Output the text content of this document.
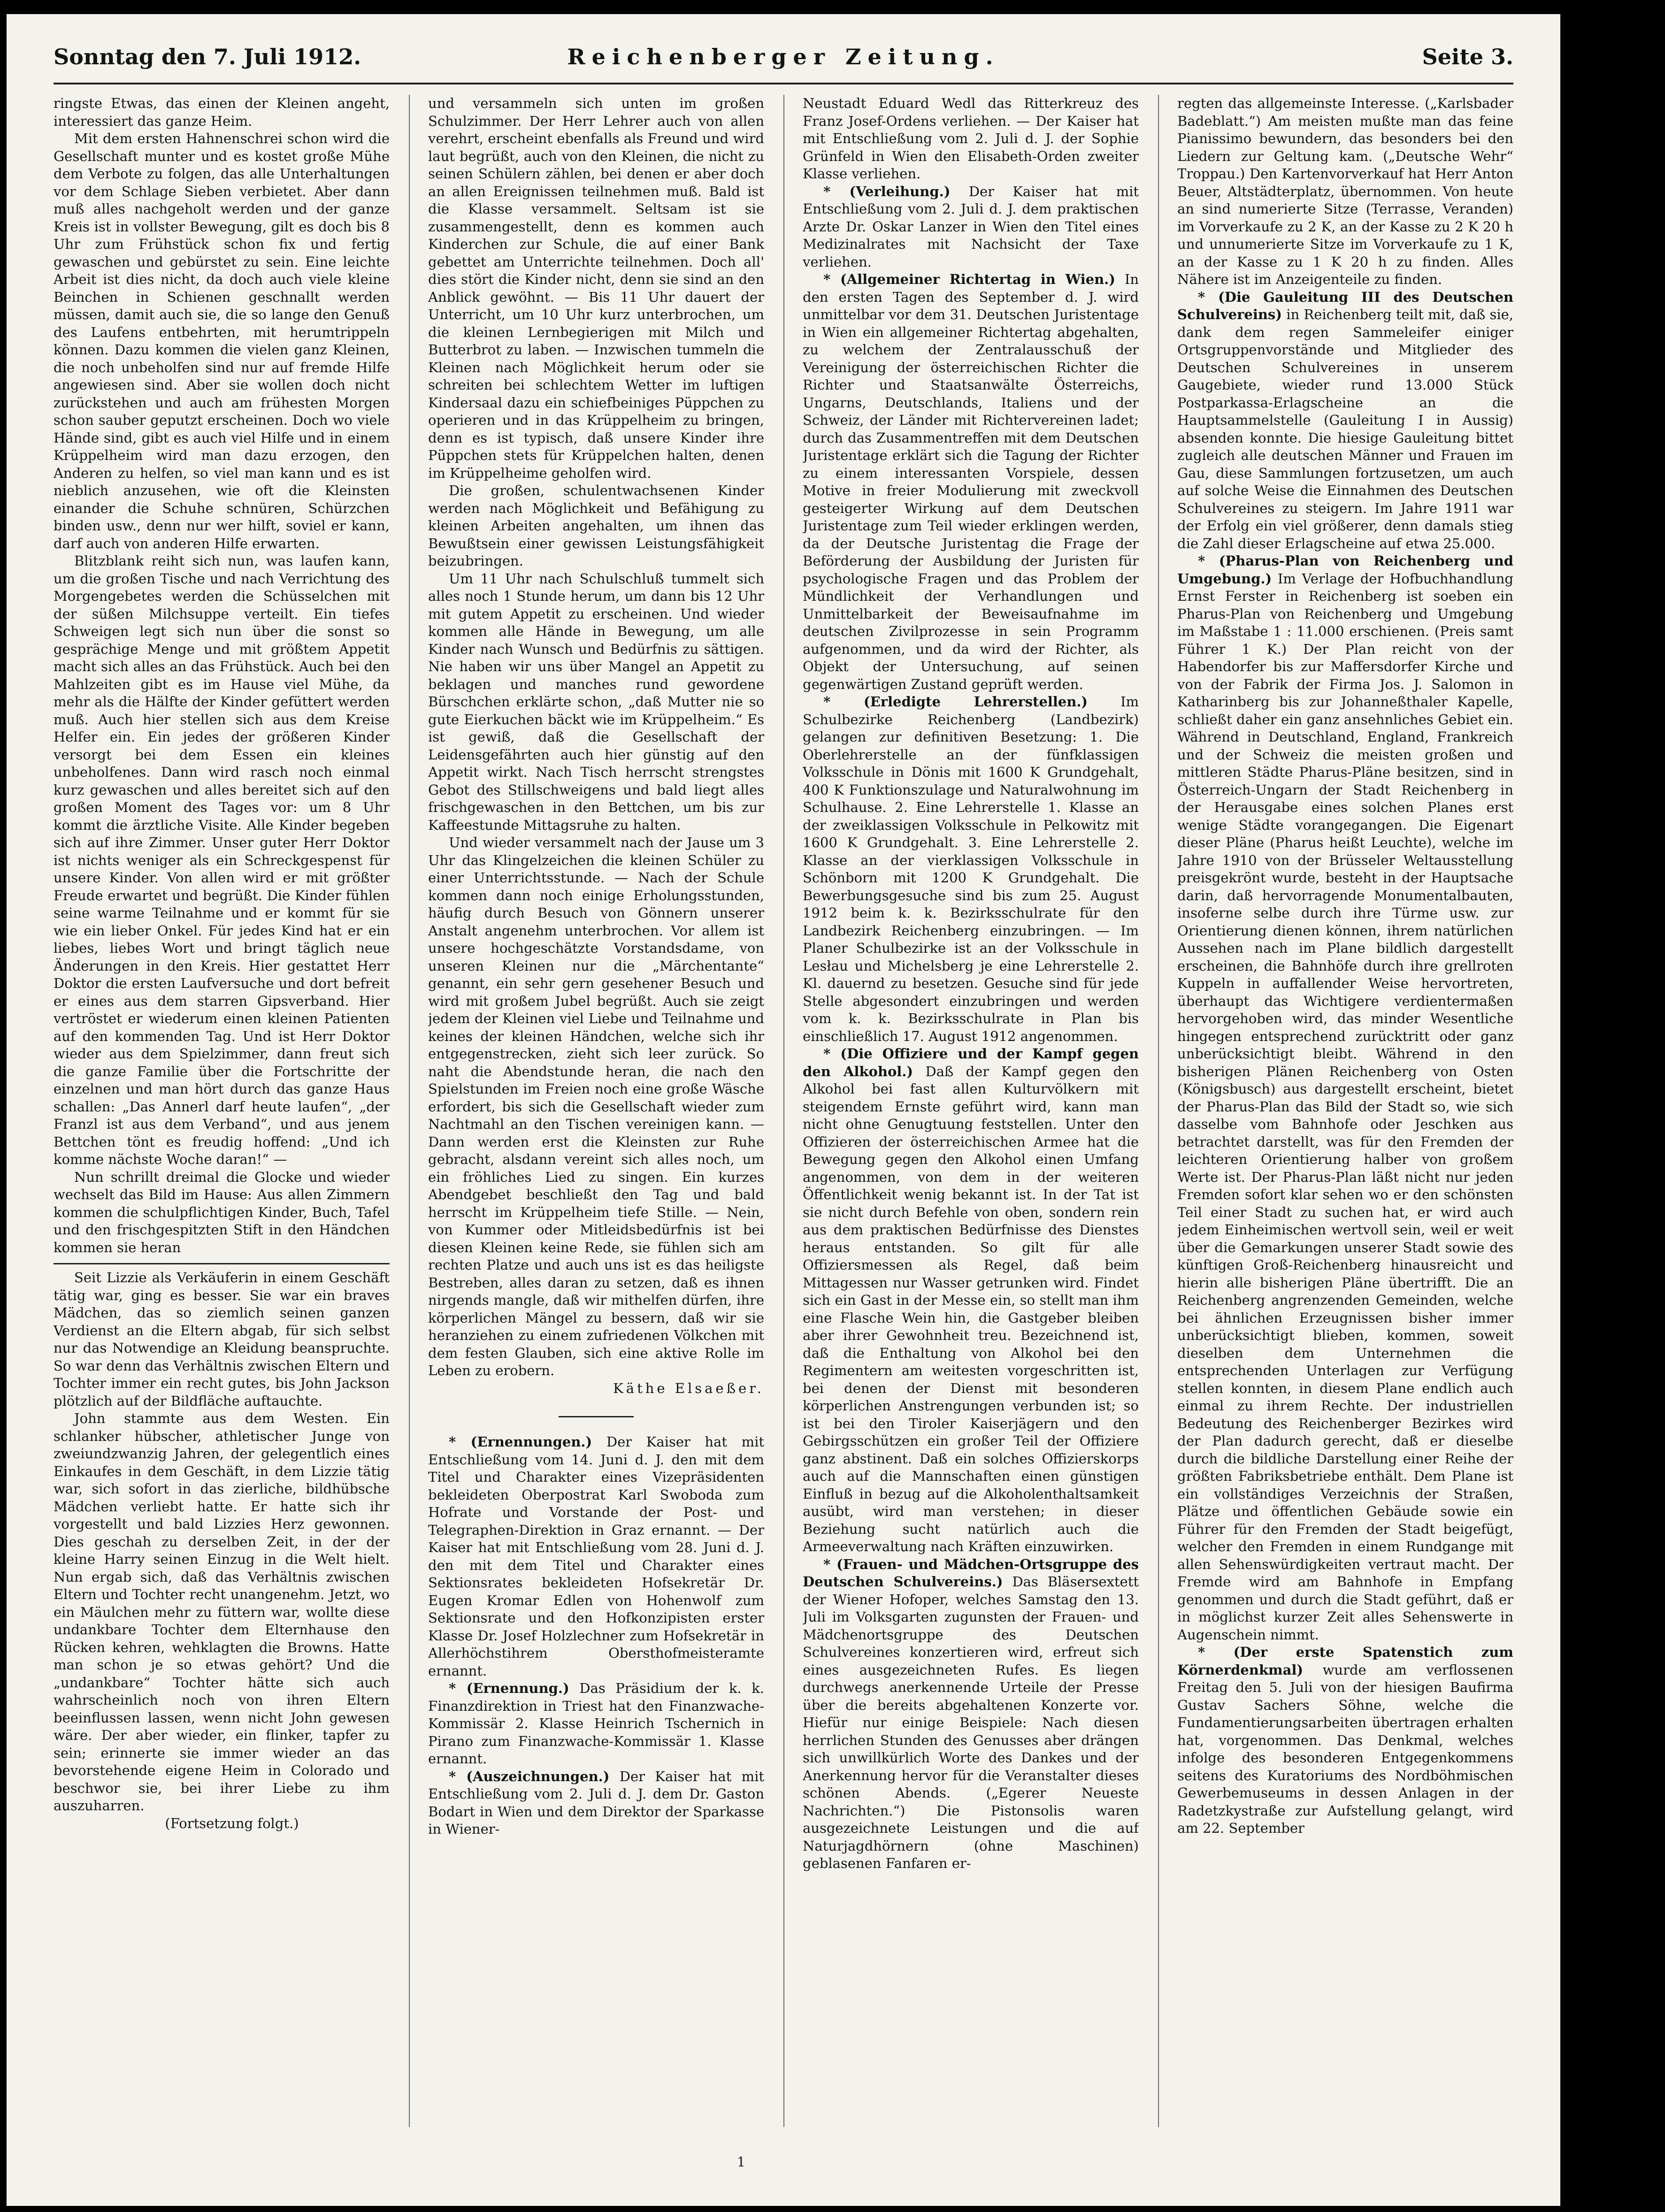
Sonntag den 7. Juli 1912.	Reichenberger Zeitung.	Seite 3.

ringste Etwas, das einen der Kleinen angeht, interessiert das ganze Heim.

Mit dem ersten Hahnenschrei schon wird die Gesellschaft munter und es kostet große Mühe dem Verbote zu folgen, das alle Unterhaltungen vor dem Schlage Sieben verbietet. Aber dann muß alles nachgeholt werden und der ganze Kreis ist in vollster Bewegung, gilt es doch bis 8 Uhr zum Frühstück schon fix und fertig gewaschen und gebürstet zu sein. Eine leichte Arbeit ist dies nicht, da doch auch viele kleine Beinchen in Schienen geschnallt werden müssen, damit auch sie, die so lange den Genuß des Laufens entbehrten, mit herumtrippeln können. Dazu kommen die vielen ganz Kleinen, die noch unbeholfen sind nur auf fremde Hilfe angewiesen sind. Aber sie wollen doch nicht zurückstehen und auch am frühesten Morgen schon sauber geputzt erscheinen. Doch wo viele Hände sind, gibt es auch viel Hilfe und in einem Krüppelheim wird man dazu erzogen, den Anderen zu helfen, so viel man kann und es ist nieblich anzusehen, wie oft die Kleinsten einander die Schuhe schnüren, Schürzchen binden usw., denn nur wer hilft, soviel er kann, darf auch von anderen Hilfe erwarten.

Blitzblank reiht sich nun, was laufen kann, um die großen Tische und nach Verrichtung des Morgengebetes werden die Schüsselchen mit der süßen Milchsuppe verteilt. Ein tiefes Schweigen legt sich nun über die sonst so gesprächige Menge und mit größtem Appetit macht sich alles an das Frühstück. Auch bei den Mahlzeiten gibt es im Hause viel Mühe, da mehr als die Hälfte der Kinder gefüttert werden muß. Auch hier stellen sich aus dem Kreise Helfer ein. Ein jedes der größeren Kinder versorgt bei dem Essen ein kleines unbeholfenes. Dann wird rasch noch einmal kurz gewaschen und alles bereitet sich auf den großen Moment des Tages vor: um 8 Uhr kommt die ärztliche Visite. Alle Kinder begeben sich auf ihre Zimmer. Unser guter Herr Doktor ist nichts weniger als ein Schreckgespenst für unsere Kinder. Von allen wird er mit größter Freude erwartet und begrüßt. Die Kinder fühlen seine warme Teilnahme und er kommt für sie wie ein lieber Onkel. Für jedes Kind hat er ein liebes, liebes Wort und bringt täglich neue Änderungen in den Kreis. Hier gestattet Herr Doktor die ersten Laufversuche und dort befreit er eines aus dem starren Gipsverband. Hier vertröstet er wiederum einen kleinen Patienten auf den kommenden Tag. Und ist Herr Doktor wieder aus dem Spielzimmer, dann freut sich die ganze Familie über die Fortschritte der einzelnen und man hört durch das ganze Haus schallen: „Das Annerl darf heute laufen“, „der Franzl ist aus dem Verband“, und aus jenem Bettchen tönt es freudig hoffend: „Und ich komme nächste Woche daran!“ —

Nun schrillt dreimal die Glocke und wieder wechselt das Bild im Hause: Aus allen Zimmern kommen die schulpflichtigen Kinder, Buch, Tafel und den frischgespitzten Stift in den Händchen kommen sie heran

Seit Lizzie als Verkäuferin in einem Geschäft tätig war, ging es besser. Sie war ein braves Mädchen, das so ziemlich seinen ganzen Verdienst an die Eltern abgab, für sich selbst nur das Notwendige an Kleidung beanspruchte. So war denn das Verhältnis zwischen Eltern und Tochter immer ein recht gutes, bis John Jackson plötzlich auf der Bildfläche auftauchte.

John stammte aus dem Westen. Ein schlanker hübscher, athletischer Junge von zweiundzwanzig Jahren, der gelegentlich eines Einkaufes in dem Geschäft, in dem Lizzie tätig war, sich sofort in das zierliche, bildhübsche Mädchen verliebt hatte. Er hatte sich ihr vorgestellt und bald Lizzies Herz gewonnen. Dies geschah zu derselben Zeit, in der der kleine Harry seinen Einzug in die Welt hielt. Nun ergab sich, daß das Verhältnis zwischen Eltern und Tochter recht unangenehm. Jetzt, wo ein Mäulchen mehr zu füttern war, wollte diese undankbare Tochter dem Elternhause den Rücken kehren, wehklagten die Browns. Hatte man schon je so etwas gehört? Und die „undankbare“ Tochter hätte sich auch wahrscheinlich noch von ihren Eltern beeinflussen lassen, wenn nicht John gewesen wäre. Der aber wieder, ein flinker, tapfer zu sein; erinnerte sie immer wieder an das bevorstehende eigene Heim in Colorado und beschwor sie, bei ihrer Liebe zu ihm auszuharren.

(Fortsetzung folgt.)

und versammeln sich unten im großen Schulzimmer. Der Herr Lehrer auch von allen verehrt, erscheint ebenfalls als Freund und wird laut begrüßt, auch von den Kleinen, die nicht zu seinen Schülern zählen, bei denen er aber doch an allen Ereignissen teilnehmen muß. Bald ist die Klasse versammelt. Seltsam ist sie zusammengestellt, denn es kommen auch Kinderchen zur Schule, die auf einer Bank gebettet am Unterrichte teilnehmen. Doch all' dies stört die Kinder nicht, denn sie sind an den Anblick gewöhnt. — Bis 11 Uhr dauert der Unterricht, um 10 Uhr kurz unterbrochen, um die kleinen Lernbegierigen mit Milch und Butterbrot zu laben. — Inzwischen tummeln die Kleinen nach Möglichkeit herum oder sie schreiten bei schlechtem Wetter im luftigen Kindersaal dazu ein schiefbeiniges Püppchen zu operieren und in das Krüppelheim zu bringen, denn es ist typisch, daß unsere Kinder ihre Püppchen stets für Krüppelchen halten, denen im Krüppelheime geholfen wird.

Die großen, schulentwachsenen Kinder werden nach Möglichkeit und Befähigung zu kleinen Arbeiten angehalten, um ihnen das Bewußtsein einer gewissen Leistungsfähigkeit beizubringen.

Um 11 Uhr nach Schulschluß tummelt sich alles noch 1 Stunde herum, um dann bis 12 Uhr mit gutem Appetit zu erscheinen. Und wieder kommen alle Hände in Bewegung, um alle Kinder nach Wunsch und Bedürfnis zu sättigen. Nie haben wir uns über Mangel an Appetit zu beklagen und manches rund gewordene Bürschchen erklärte schon, „daß Mutter nie so gute Eierkuchen bäckt wie im Krüppelheim.“ Es ist gewiß, daß die Gesellschaft der Leidensgefährten auch hier günstig auf den Appetit wirkt. Nach Tisch herrscht strengstes Gebot des Stillschweigens und bald liegt alles frischgewaschen in den Bettchen, um bis zur Kaffeestunde Mittagsruhe zu halten.

Und wieder versammelt nach der Jause um 3 Uhr das Klingelzeichen die kleinen Schüler zu einer Unterrichtsstunde. — Nach der Schule kommen dann noch einige Erholungsstunden, häufig durch Besuch von Gönnern unserer Anstalt angenehm unterbrochen. Vor allem ist unsere hochgeschätzte Vorstandsdame, von unseren Kleinen nur die „Märchentante“ genannt, ein sehr gern gesehener Besuch und wird mit großem Jubel begrüßt. Auch sie zeigt jedem der Kleinen viel Liebe und Teilnahme und keines der kleinen Händchen, welche sich ihr entgegenstrecken, zieht sich leer zurück. So naht die Abendstunde heran, die nach den Spielstunden im Freien noch eine große Wäsche erfordert, bis sich die Gesellschaft wieder zum Nachtmahl an den Tischen vereinigen kann. — Dann werden erst die Kleinsten zur Ruhe gebracht, alsdann vereint sich alles noch, um ein fröhliches Lied zu singen. Ein kurzes Abendgebet beschließt den Tag und bald herrscht im Krüppelheim tiefe Stille. — Nein, von Kummer oder Mitleidsbedürfnis ist bei diesen Kleinen keine Rede, sie fühlen sich am rechten Platze und auch uns ist es das heiligste Bestreben, alles daran zu setzen, daß es ihnen nirgends mangle, daß wir mithelfen dürfen, ihre körperlichen Mängel zu bessern, daß wir sie heranziehen zu einem zufriedenen Völkchen mit dem festen Glauben, sich eine aktive Rolle im Leben zu erobern.

Käthe Elsaeßer.

* (Ernennungen.) Der Kaiser hat mit Entschließung vom 14. Juni d. J. den mit dem Titel und Charakter eines Vizepräsidenten bekleideten Oberpostrat Karl Swoboda zum Hofrate und Vorstande der Post- und Telegraphen-Direktion in Graz ernannt. — Der Kaiser hat mit Entschließung vom 28. Juni d. J. den mit dem Titel und Charakter eines Sektionsrates bekleideten Hofsekretär Dr. Eugen Kromar Edlen von Hohenwolf zum Sektionsrate und den Hofkonzipisten erster Klasse Dr. Josef Holzlechner zum Hofsekretär in Allerhöchstihrem Obersthofmeisteramte ernannt.

* (Ernennung.) Das Präsidium der k. k. Finanzdirektion in Triest hat den Finanzwache-Kommissär 2. Klasse Heinrich Tschernich in Pirano zum Finanzwache-Kommissär 1. Klasse ernannt.

* (Auszeichnungen.) Der Kaiser hat mit Entschließung vom 2. Juli d. J. dem Dr. Gaston Bodart in Wien und dem Direktor der Sparkasse in Wiener-

Neustadt Eduard Wedl das Ritterkreuz des Franz Josef-Ordens verliehen. — Der Kaiser hat mit Entschließung vom 2. Juli d. J. der Sophie Grünfeld in Wien den Elisabeth-Orden zweiter Klasse verliehen.

* (Verleihung.) Der Kaiser hat mit Entschließung vom 2. Juli d. J. dem praktischen Arzte Dr. Oskar Lanzer in Wien den Titel eines Medizinalrates mit Nachsicht der Taxe verliehen.

* (Allgemeiner Richtertag in Wien.) In den ersten Tagen des September d. J. wird unmittelbar vor dem 31. Deutschen Juristentage in Wien ein allgemeiner Richtertag abgehalten, zu welchem der Zentralausschuß der Vereinigung der österreichischen Richter die Richter und Staatsanwälte Österreichs, Ungarns, Deutschlands, Italiens und der Schweiz, der Länder mit Richtervereinen ladet; durch das Zusammentreffen mit dem Deutschen Juristentage erklärt sich die Tagung der Richter zu einem interessanten Vorspiele, dessen Motive in freier Modulierung mit zweckvoll gesteigerter Wirkung auf dem Deutschen Juristentage zum Teil wieder erklingen werden, da der Deutsche Juristentag die Frage der Beförderung der Ausbildung der Juristen für psychologische Fragen und das Problem der Mündlichkeit der Verhandlungen und Unmittelbarkeit der Beweisaufnahme im deutschen Zivilprozesse in sein Programm aufgenommen, und da wird der Richter, als Objekt der Untersuchung, auf seinen gegenwärtigen Zustand geprüft werden.

* (Erledigte Lehrerstellen.) Im Schulbezirke Reichenberg (Landbezirk) gelangen zur definitiven Besetzung: 1. Die Oberlehrerstelle an der fünfklassigen Volksschule in Dönis mit 1600 K Grundgehalt, 400 K Funktionszulage und Naturalwohnung im Schulhause. 2. Eine Lehrerstelle 1. Klasse an der zweiklassigen Volksschule in Pelkowitz mit 1600 K Grundgehalt. 3. Eine Lehrerstelle 2. Klasse an der vierklassigen Volksschule in Schönborn mit 1200 K Grundgehalt. Die Bewerbungsgesuche sind bis zum 25. August 1912 beim k. k. Bezirksschulrate für den Landbezirk Reichenberg einzubringen. — Im Planer Schulbezirke ist an der Volksschule in Lesłau und Michelsberg je eine Lehrerstelle 2. Kl. dauernd zu besetzen. Gesuche sind für jede Stelle abgesondert einzubringen und werden vom k. k. Bezirksschulrate in Plan bis einschließlich 17. August 1912 angenommen.

* (Die Offiziere und der Kampf gegen den Alkohol.) Daß der Kampf gegen den Alkohol bei fast allen Kulturvölkern mit steigendem Ernste geführt wird, kann man nicht ohne Genugtuung feststellen. Unter den Offizieren der österreichischen Armee hat die Bewegung gegen den Alkohol einen Umfang angenommen, von dem in der weiteren Öffentlichkeit wenig bekannt ist. In der Tat ist sie nicht durch Befehle von oben, sondern rein aus dem praktischen Bedürfnisse des Dienstes heraus entstanden. So gilt für alle Offiziersmessen als Regel, daß beim Mittagessen nur Wasser getrunken wird. Findet sich ein Gast in der Messe ein, so stellt man ihm eine Flasche Wein hin, die Gastgeber bleiben aber ihrer Gewohnheit treu. Bezeichnend ist, daß die Enthaltung von Alkohol bei den Regimentern am weitesten vorgeschritten ist, bei denen der Dienst mit besonderen körperlichen Anstrengungen verbunden ist; so ist bei den Tiroler Kaiserjägern und den Gebirgsschützen ein großer Teil der Offiziere ganz abstinent. Daß ein solches Offizierskorps auch auf die Mannschaften einen günstigen Einfluß in bezug auf die Alkoholenthaltsamkeit ausübt, wird man verstehen; in dieser Beziehung sucht natürlich auch die Armeeverwaltung nach Kräften einzuwirken.

* (Frauen- und Mädchen-Ortsgruppe des Deutschen Schulvereins.) Das Bläsersextett der Wiener Hofoper, welches Samstag den 13. Juli im Volksgarten zugunsten der Frauen- und Mädchenortsgruppe des Deutschen Schulvereines konzertieren wird, erfreut sich eines ausgezeichneten Rufes. Es liegen durchwegs anerkennende Urteile der Presse über die bereits abgehaltenen Konzerte vor. Hiefür nur einige Beispiele: Nach diesen herrlichen Stunden des Genusses aber drängen sich unwillkürlich Worte des Dankes und der Anerkennung hervor für die Veranstalter dieses schönen Abends. („Egerer Neueste Nachrichten.“) Die Pistonsolis waren ausgezeichnete Leistungen und die auf Naturjagdhörnern (ohne Maschinen) geblasenen Fanfaren er-

regten das allgemeinste Interesse. („Karlsbader Badeblatt.“) Am meisten mußte man das feine Pianissimo bewundern, das besonders bei den Liedern zur Geltung kam. („Deutsche Wehr“ Troppau.) Den Kartenvorverkauf hat Herr Anton Beuer, Altstädterplatz, übernommen. Von heute an sind numerierte Sitze (Terrasse, Veranden) im Vorverkaufe zu 2 K, an der Kasse zu 2 K 20 h und unnumerierte Sitze im Vorverkaufe zu 1 K, an der Kasse zu 1 K 20 h zu finden. Alles Nähere ist im Anzeigenteile zu finden.

* (Die Gauleitung III des Deutschen Schulvereins) in Reichenberg teilt mit, daß sie, dank dem regen Sammeleifer einiger Ortsgruppenvorstände und Mitglieder des Deutschen Schulvereines in unserem Gaugebiete, wieder rund 13.000 Stück Postparkassa-Erlagscheine an die Hauptsammelstelle (Gauleitung I in Aussig) absenden konnte. Die hiesige Gauleitung bittet zugleich alle deutschen Männer und Frauen im Gau, diese Sammlungen fortzusetzen, um auch auf solche Weise die Einnahmen des Deutschen Schulvereines zu steigern. Im Jahre 1911 war der Erfolg ein viel größerer, denn damals stieg die Zahl dieser Erlagscheine auf etwa 25.000.

* (Pharus-Plan von Reichenberg und Umgebung.) Im Verlage der Hofbuchhandlung Ernst Ferster in Reichenberg ist soeben ein Pharus-Plan von Reichenberg und Umgebung im Maßstabe 1 : 11.000 erschienen. (Preis samt Führer 1 K.) Der Plan reicht von der Habendorfer bis zur Maffersdorfer Kirche und von der Fabrik der Firma Jos. J. Salomon in Katharinberg bis zur Johanneßthaler Kapelle, schließt daher ein ganz ansehnliches Gebiet ein. Während in Deutschland, England, Frankreich und der Schweiz die meisten großen und mittleren Städte Pharus-Pläne besitzen, sind in Österreich-Ungarn der Stadt Reichenberg in der Herausgabe eines solchen Planes erst wenige Städte vorangegangen. Die Eigenart dieser Pläne (Pharus heißt Leuchte), welche im Jahre 1910 von der Brüsseler Weltausstellung preisgekrönt wurde, besteht in der Hauptsache darin, daß hervorragende Monumentalbauten, insoferne selbe durch ihre Türme usw. zur Orientierung dienen können, ihrem natürlichen Aussehen nach im Plane bildlich dargestellt erscheinen, die Bahnhöfe durch ihre grellroten Kuppeln in auffallender Weise hervortreten, überhaupt das Wichtigere verdientermaßen hervorgehoben wird, das minder Wesentliche hingegen entsprechend zurücktritt oder ganz unberücksichtigt bleibt. Während in den bisherigen Plänen Reichenberg von Osten (Königsbusch) aus dargestellt erscheint, bietet der Pharus-Plan das Bild der Stadt so, wie sich dasselbe vom Bahnhofe oder Jeschken aus betrachtet darstellt, was für den Fremden der leichteren Orientierung halber von großem Werte ist. Der Pharus-Plan läßt nicht nur jeden Fremden sofort klar sehen wo er den schönsten Teil einer Stadt zu suchen hat, er wird auch jedem Einheimischen wertvoll sein, weil er weit über die Gemarkungen unserer Stadt sowie des künftigen Groß-Reichenberg hinausreicht und hierin alle bisherigen Pläne übertrifft. Die an Reichenberg angrenzenden Gemeinden, welche bei ähnlichen Erzeugnissen bisher immer unberücksichtigt blieben, kommen, soweit dieselben dem Unternehmen die entsprechenden Unterlagen zur Verfügung stellen konnten, in diesem Plane endlich auch einmal zu ihrem Rechte. Der industriellen Bedeutung des Reichenberger Bezirkes wird der Plan dadurch gerecht, daß er dieselbe durch die bildliche Darstellung einer Reihe der größten Fabriksbetriebe enthält. Dem Plane ist ein vollständiges Verzeichnis der Straßen, Plätze und öffentlichen Gebäude sowie ein Führer für den Fremden der Stadt beigefügt, welcher den Fremden in einem Rundgange mit allen Sehenswürdigkeiten vertraut macht. Der Fremde wird am Bahnhofe in Empfang genommen und durch die Stadt geführt, daß er in möglichst kurzer Zeit alles Sehenswerte in Augenschein nimmt.

* (Der erste Spatenstich zum Körnerdenkmal) wurde am verflossenen Freitag den 5. Juli von der hiesigen Baufirma Gustav Sachers Söhne, welche die Fundamentierungsarbeiten übertragen erhalten hat, vorgenommen. Das Denkmal, welches infolge des besonderen Entgegenkommens seitens des Kuratoriums des Nordböhmischen Gewerbemuseums in dessen Anlagen in der Radetzkystraße zur Aufstellung gelangt, wird am 22. September

1
